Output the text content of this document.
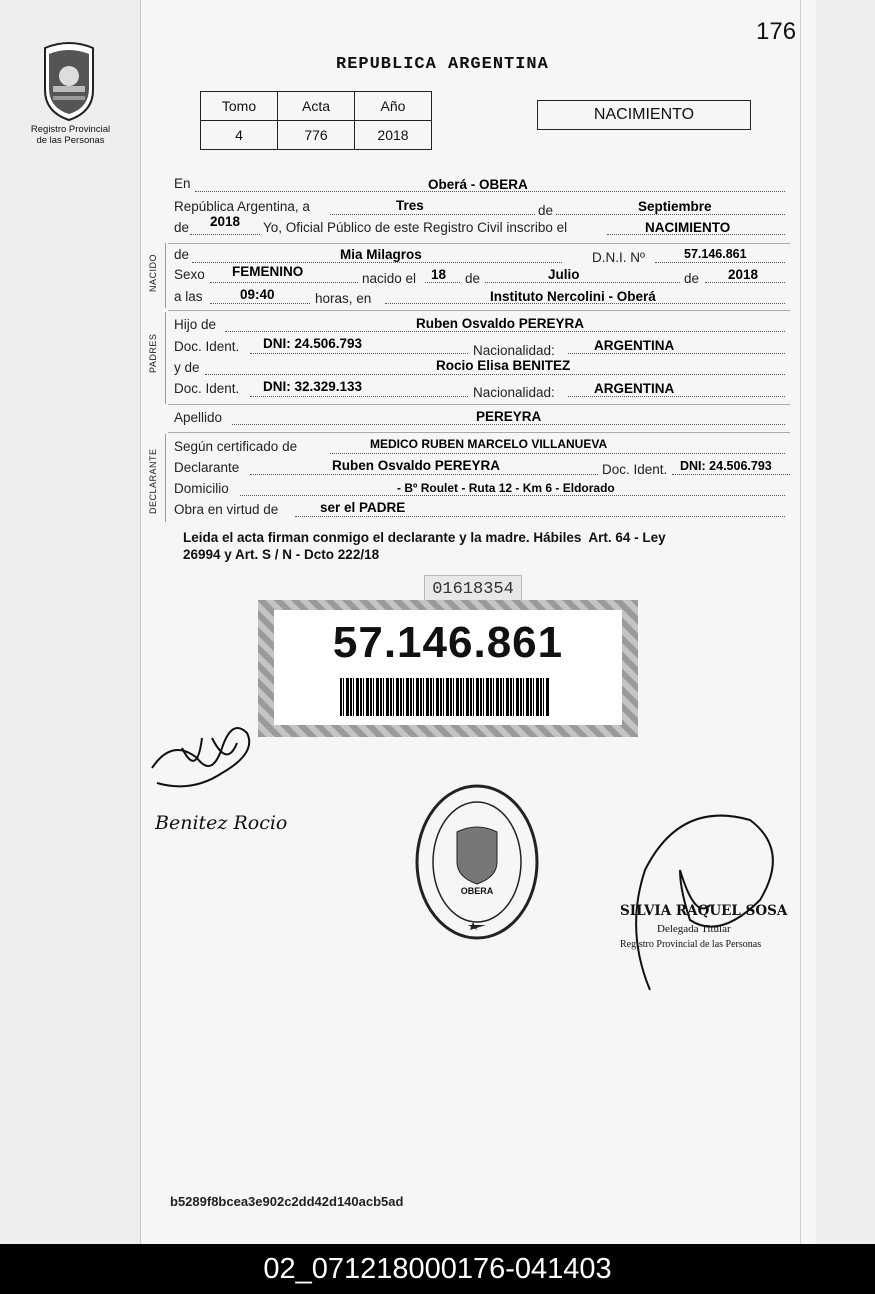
176
Registro Provincial
de las Personas
REPUBLICA ARGENTINA
Tomo	Acta	Año
4	776	2018
NACIMIENTO
En	Oberá - OBERA
República Argentina, a	Tres	de	Septiembre
de 2018 Yo, Oficial Público de este Registro Civil inscribo el	NACIMIENTO
NACIDO de	Mia Milagros	D.N.I. Nº	57.146.861
Sexo FEMENINO	nacido el 18 de	Julio	de 2018
a las	09:40	horas, en	Instituto Nercolini - Oberá
PADRES
Hijo de	Ruben Osvaldo PEREYRA
Doc. Ident. DNI: 24.506.793	Nacionalidad:	ARGENTINA
y de	Rocio Elisa BENITEZ
Doc. Ident. DNI: 32.329.133	Nacionalidad:	ARGENTINA
Apellido	PEREYRA
DECLARANTE
Según certificado de	MEDICO RUBEN MARCELO VILLANUEVA
Declarante	Ruben Osvaldo PEREYRA	Doc. Ident. DNI: 24.506.793
Domicilio	- Bº Roulet - Ruta 12 - Km 6 - Eldorado
Obra en virtud de	ser el PADRE
Leida el acta firman conmigo el declarante y la madre. Hábiles  Art. 64 - Ley
26994 y Art. S / N - Dcto 222/18
01618354
57.146.861
Benitez Rocio
OBERA
SILVIA RAQUEL SOSA
Delegada Titular
Registro Provincial de las Personas
b5289f8bcea3e902c2dd42d140acb5ad
02_071218000176-041403
